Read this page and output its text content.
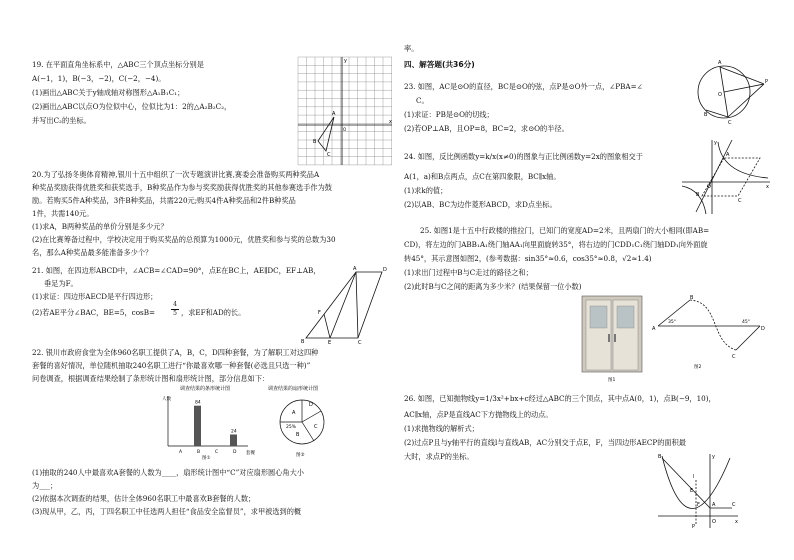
19. 在平面直角坐标系中，△ABC三个顶点坐标分别是
A(−1，1)，B(−3，−2)，C(−2，−4)。
(1)画出△ABC关于y轴成轴对称图形△A₁B₁C₁；
(2)画出△ABC以点O为位似中心，位似比为1：2的△A₂B₂C₂，
并写出C₂的坐标。
A
B
C
x
y
O
20.为了弘扬冬奥体育精神,银川十五中组织了一次专题演讲比赛,赛委会准备购买两种奖品A
种奖品奖励获得优胜奖和获奖选手，B种奖品作为参与奖奖励获得优胜奖的其他参赛选手作为鼓
励。若购买5件A种奖品，3件B种奖品，共需220元;购买4件A种奖品和2件B种奖品
1件，共需140元。
(1)求A，B两种奖品的单价分别是多少元？
(2)在比赛筹备过程中，学校决定用于购买奖品的总预算为1000元，优胜奖和参与奖的总数为30
名，那么A种奖品最多能准备多少个？
21. 如图，在四边形ABCD中，∠ACB=∠CAD=90°，点E在BC上，AE∥DC，EF⊥AB，
垂足为F。
(1)求证：四边形AECD是平行四边形；
(2)若AE平分∠BAC，BE=5，cosB=
4
5 ，求EF和AD的长。
A	D
B	E	C
F
22. 银川市政府食堂为全体960名职工提供了A，B，C，D四种套餐，为了解职工对这四种
套餐的喜好情况，单位随机抽取240名职工进行“你最喜欢哪一种套餐(必选且只选一种)”
问卷调查，根据调查结果绘制了条形统计图和扇形统计图，部分信息如下：
调查结果的条形统计图
人数
A	B
84
C	D
24
套餐
图①
调查结果的扇形统计图
A
25%
D
C
B
图②
(1)抽取的240人中最喜欢A套餐的人数为____，扇形统计图中“C”对应扇形圆心角大小
为___；
(2)依据本次调查的结果，估计全体960名职工中最喜欢B套餐的人数；
(3)现从甲，乙，丙，丁四名职工中任选两人担任“食品安全监督员”，求甲被选到的概
率。
四、解答题(共36分)
23. 如图，AC是⊙O的直径，BC是⊙O的弦，点P是⊙O外一点，∠PBA=∠
C。
(1)求证：PB是⊙O的切线；
(2)若OP⊥AB，且OP=8，BC=2，求⊙O的半径。
A
B
C
O
P
24. 如图，反比例函数y=k/x(x≠0)的图象与正比例函数y=2x的图象相交于
A(1，a)和B点两点，点C在第四象限，BC∥x轴。
(1)求k的值；
(2)以AB、BC为边作菱形ABCD，求D点坐标。
y
A
B
C
O	x
25. 如图1是十五中行政楼的推拉门，已知门的宽度AD=2米，且两扇门的大小相同(即AB=
CD)，将左边的门ABB₁A₁绕门轴AA₁向里面旋转35°，将右边的门CDD₁C₁绕门轴DD₁向外面旋
转45°，其示意图如图2，(参考数据：sin35°≈0.6，cos35°≈0.8，√2≈1.4)
(1)求出门过程中B与C走过的路径之和；
(2)此时B与C之间的距离为多少米？(结果保留一位小数)
图1
A
B
C
D
35°	45°
图2
26. 如图，已知抛物线y=1/3x²+bx+c经过△ABC的三个顶点，其中点A(0，1)，点B(−9，10)，
AC∥x轴，点P是直线AC下方抛物线上的动点。
(1)求抛物线的解析式；
(2)过点P且与y轴平行的直线l与直线AB，AC分别交于点E，F，当四边形AECP的面积最
大时，求点P的坐标。	y
B
A	C
O	x
P
E
F
l
